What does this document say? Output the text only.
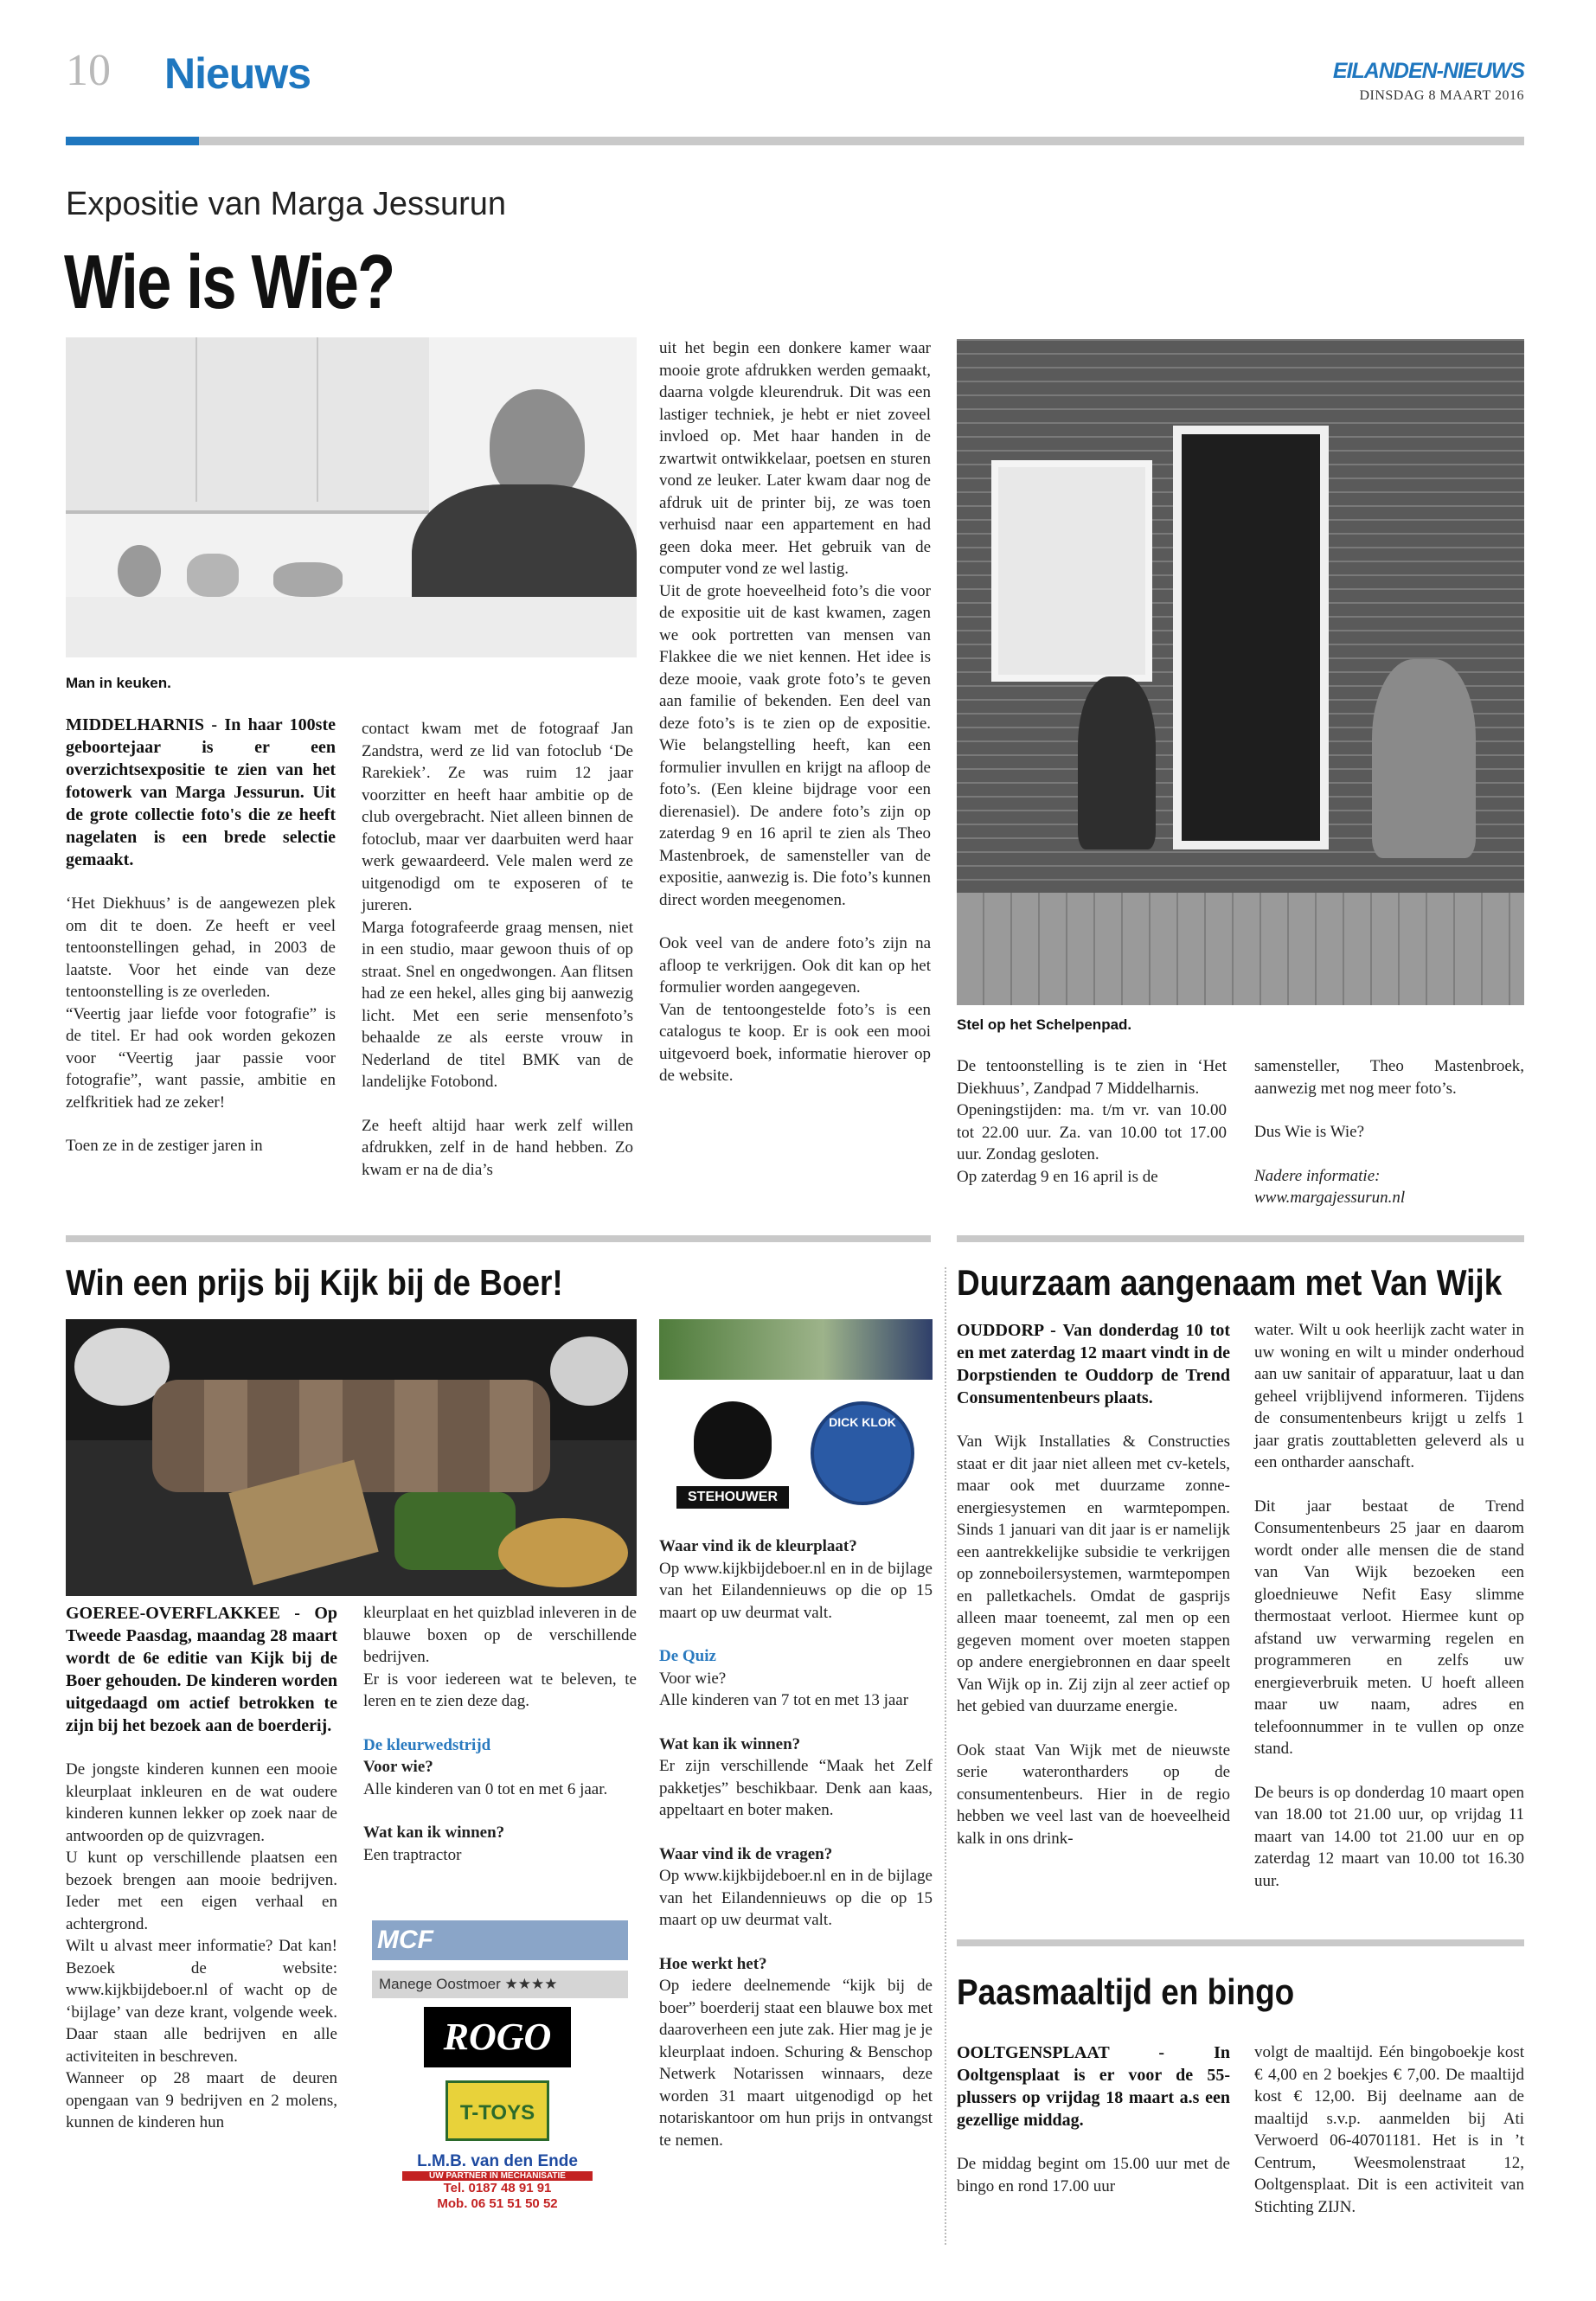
10 Nieuws	EILANDEN-NIEUWS
DINSDAG 8 MAART 2016
Expositie van Marga Jessurun
Wie is Wie?
Man in keuken.
Stel op het Schelpenpad.

MIDDELHARNIS - In haar 100ste geboortejaar is er een overzichtsexpositie te zien van het fotowerk van Marga Jessurun. Uit de grote collectie foto's die ze heeft nagelaten is een brede selectie gemaakt.

‘Het Diekhuus’ is de aangewezen plek om dit te doen. Ze heeft er veel tentoonstellingen gehad, in 2003 de laatste. Voor het einde van deze tentoonstelling is ze overleden.
“Veertig jaar liefde voor fotografie” is de titel. Er had ook worden gekozen voor “Veertig jaar passie voor fotografie”, want passie, ambitie en zelfkritiek had ze zeker!

Toen ze in de zestiger jaren in

contact kwam met de fotograaf Jan Zandstra, werd ze lid van fotoclub ‘De Rarekiek’. Ze was ruim 12 jaar voorzitter en heeft haar ambitie op de club overgebracht. Niet alleen binnen de fotoclub, maar ver daarbuiten werd haar werk gewaardeerd. Vele malen werd ze uitgenodigd om te exposeren of te jureren.
Marga fotografeerde graag mensen, niet in een studio, maar gewoon thuis of op straat. Snel en ongedwongen. Aan flitsen had ze een hekel, alles ging bij aanwezig licht. Met een serie mensenfoto’s behaalde ze als eerste vrouw in Nederland de titel BMK van de landelijke Fotobond.

Ze heeft altijd haar werk zelf willen afdrukken, zelf in de hand hebben. Zo kwam er na de dia’s

uit het begin een donkere kamer waar mooie grote afdrukken werden gemaakt, daarna volgde kleurendruk. Dit was een lastiger techniek, je hebt er niet zoveel invloed op. Met haar handen in de zwartwit ontwikkelaar, poetsen en sturen vond ze leuker. Later kwam daar nog de afdruk uit de printer bij, ze was toen verhuisd naar een appartement en had geen doka meer. Het gebruik van de computer vond ze wel lastig.
Uit de grote hoeveelheid foto’s die voor de expositie uit de kast kwamen, zagen we ook portretten van mensen van Flakkee die we niet kennen. Het idee is deze mooie, vaak grote foto’s te geven aan familie of bekenden. Een deel van deze foto’s is te zien op de expositie. Wie belangstelling heeft, kan een formulier invullen en krijgt na afloop de foto’s. (Een kleine bijdrage voor een dierenasiel). De andere foto’s zijn op zaterdag 9 en 16 april te zien als Theo Mastenbroek, de samensteller van de expositie, aanwezig is. Die foto’s kunnen direct worden meegenomen.

Ook veel van de andere foto’s zijn na afloop te verkrijgen. Ook dit kan op het formulier worden aangegeven.
Van de tentoongestelde foto’s is een catalogus te koop. Er is ook een mooi uitgevoerd boek, informatie hierover op de website.

De tentoonstelling is te zien in ‘Het Diekhuus’, Zandpad 7 Middelharnis.
Openingstijden: ma. t/m vr. van 10.00 tot 22.00 uur. Za. van 10.00 tot 17.00 uur. Zondag gesloten.
Op zaterdag 9 en 16 april is de

samensteller, Theo Mastenbroek, aanwezig met nog meer foto’s.

Dus Wie is Wie?

Nadere informatie:
www.margajessurun.nl

Win een prijs bij Kijk bij de Boer!

GOEREE-OVERFLAKKEE - Op Tweede Paasdag, maandag 28 maart wordt de 6e editie van Kijk bij de Boer gehouden. De kinderen worden uitgedaagd om actief betrokken te zijn bij het bezoek aan de boerderij.

De jongste kinderen kunnen een mooie kleurplaat inkleuren en de wat oudere kinderen kunnen lekker op zoek naar de antwoorden op de quizvragen.
U kunt op verschillende plaatsen een bezoek brengen aan mooie bedrijven. Ieder met een eigen verhaal en achtergrond.
Wilt u alvast meer informatie? Dat kan! Bezoek de website: www.kijkbijdeboer.nl of wacht op de ‘bijlage’ van deze krant, volgende week. Daar staan alle bedrijven en alle activiteiten in beschreven.
Wanneer op 28 maart de deuren opengaan van 9 bedrijven en 2 molens, kunnen de kinderen hun

kleurplaat en het quizblad inleveren in de blauwe boxen op de verschillende bedrijven.
Er is voor iedereen wat te beleven, te leren en te zien deze dag.

De kleurwedstrijd
Voor wie?
Alle kinderen van 0 tot en met 6 jaar.

Wat kan ik winnen?
Een traptractor

MCF
Manege Oostmoer ★★★★
ROGO
T-TOYS
L.M.B. van den Ende
UW PARTNER IN MECHANISATIE
Tel. 0187 48 91 91
Mob. 06 51 51 50 52
STEHOUWER
DICK KLOK

Waar vind ik de kleurplaat?
Op www.kijkbijdeboer.nl en in de bijlage van het Eilandennieuws op die op 15 maart op uw deurmat valt.

De Quiz
Voor wie?
Alle kinderen van 7 tot en met 13 jaar

Wat kan ik winnen?
Er zijn verschillende “Maak het Zelf pakketjes” beschikbaar. Denk aan kaas, appeltaart en boter maken.

Waar vind ik de vragen?
Op www.kijkbijdeboer.nl en in de bijlage van het Eilandennieuws op die op 15 maart op uw deurmat valt.

Hoe werkt het?
Op iedere deelnemende “kijk bij de boer” boerderij staat een blauwe box met daaroverheen een jute zak. Hier mag je je kleurplaat indoen. Schuring & Benschop Netwerk Notarissen winnaars, deze worden 31 maart uitgenodigd op het notariskantoor om hun prijs in ontvangst te nemen.

Duurzaam aangenaam met Van Wijk

OUDDORP - Van donderdag 10 tot en met zaterdag 12 maart vindt in de Dorpstienden te Ouddorp de Trend Consumentenbeurs plaats.

Van Wijk Installaties & Constructies staat er dit jaar niet alleen met cv-ketels, maar ook met duurzame zonne-energiesystemen en warmtepompen. Sinds 1 januari van dit jaar is er namelijk een aantrekkelijke subsidie te verkrijgen op zonneboilersystemen, warmtepompen en palletkachels. Omdat de gasprijs alleen maar toeneemt, zal men op een gegeven moment over moeten stappen op andere energiebronnen en daar speelt Van Wijk op in. Zij zijn al zeer actief op het gebied van duurzame energie.

Ook staat Van Wijk met de nieuwste serie waterontharders op de consumentenbeurs. Hier in de regio hebben we veel last van de hoeveelheid kalk in ons drink-

water. Wilt u ook heerlijk zacht water in uw woning en wilt u minder onderhoud aan uw sanitair of apparatuur, laat u dan geheel vrijblijvend informeren. Tijdens de consumentenbeurs krijgt u zelfs 1 jaar gratis zouttabletten geleverd als u een ontharder aanschaft.

Dit jaar bestaat de Trend Consumentenbeurs 25 jaar en daarom wordt onder alle mensen die de stand van Van Wijk bezoeken een gloednieuwe Nefit Easy slimme thermostaat verloot. Hiermee kunt op afstand uw verwarming regelen en programmeren en zelfs uw energieverbruik meten. U hoeft alleen maar uw naam, adres en telefoonnummer in te vullen op onze stand.

De beurs is op donderdag 10 maart open van 18.00 tot 21.00 uur, op vrijdag 11 maart van 14.00 tot 21.00 uur en op zaterdag 12 maart van 10.00 tot 16.30 uur.

Paasmaaltijd en bingo

OOLTGENSPLAAT - In Ooltgensplaat is er voor de 55-plussers op vrijdag 18 maart a.s een gezellige middag.

De middag begint om 15.00 uur met de bingo en rond 17.00 uur

volgt de maaltijd. Eén bingoboekje kost € 4,00 en 2 boekjes € 7,00. De maaltijd kost € 12,00. Bij deelname aan de maaltijd s.v.p. aanmelden bij Ati Verwoerd 06-40701181. Het is in ’t Centrum, Weesmolenstraat 12, Ooltgensplaat. Dit is een activiteit van Stichting ZIJN.
